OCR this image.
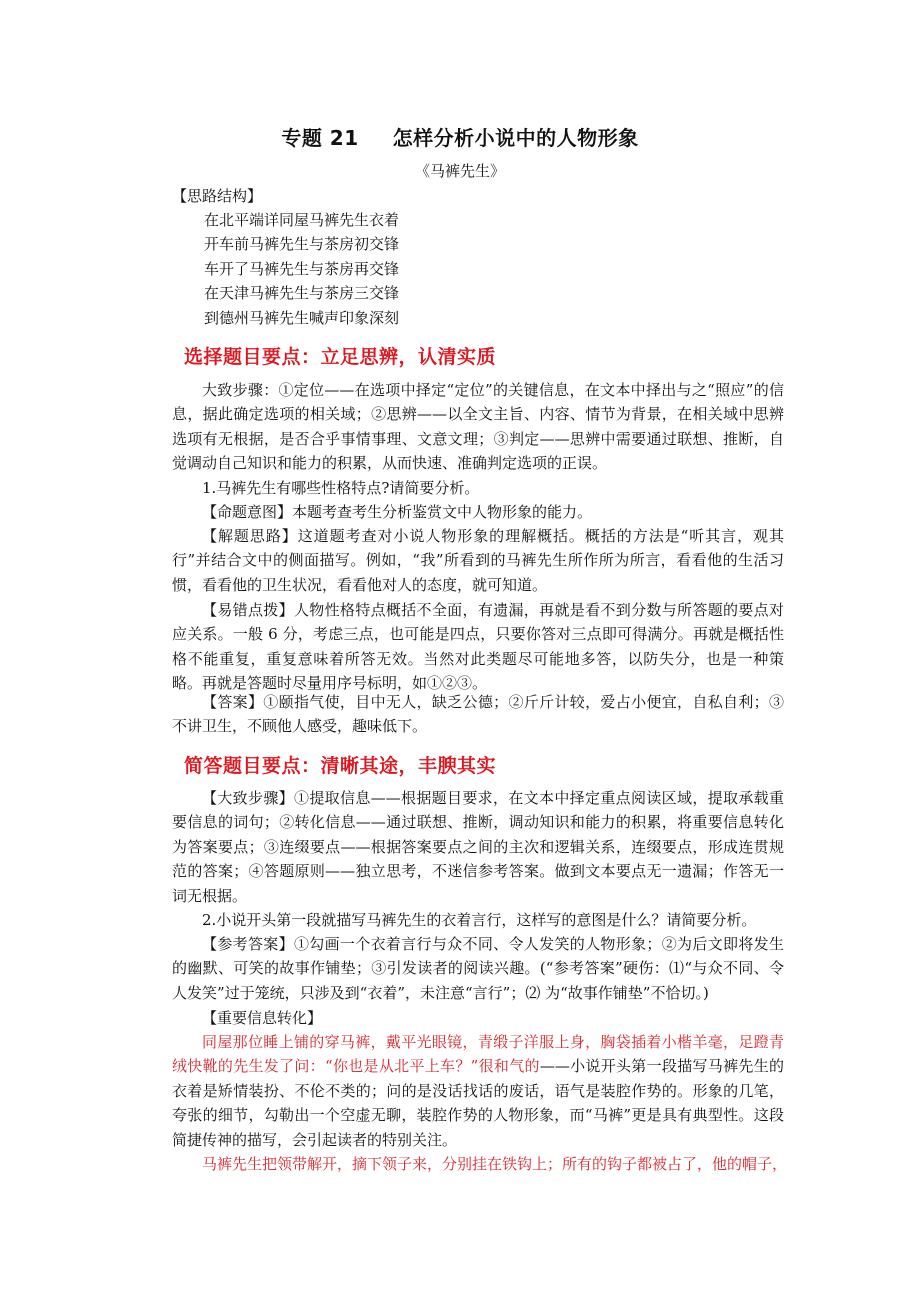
专题 21 怎样分析小说中的人物形象
《马裤先生》
【思路结构】
在北平端详同屋马裤先生衣着
开车前马裤先生与茶房初交锋
车开了马裤先生与茶房再交锋
在天津马裤先生与茶房三交锋
到德州马裤先生喊声印象深刻
选择题目要点：立足思辨，认清实质
大致步骤：①定位——在选项中择定“定位”的关键信息，在文本中择出与之“照应”的信息，据此确定选项的相关域；②思辨——以全文主旨、内容、情节为背景，在相关域中思辨选项有无根据，是否合乎事情事理、文意文理；③判定——思辨中需要通过联想、推断，自觉调动自己知识和能力的积累，从而快速、准确判定选项的正误。
1.马裤先生有哪些性格特点?请简要分析。
【命题意图】本题考查考生分析鉴赏文中人物形象的能力。
【解题思路】这道题考查对小说人物形象的理解概括。概括的方法是“听其言，观其行”并结合文中的侧面描写。例如，“我”所看到的马裤先生所作所为所言，看看他的生活习惯，看看他的卫生状况，看看他对人的态度，就可知道。
【易错点拨】人物性格特点概括不全面，有遗漏，再就是看不到分数与所答题的要点对应关系。一般 6 分，考虑三点，也可能是四点，只要你答对三点即可得满分。再就是概括性格不能重复，重复意味着所答无效。当然对此类题尽可能地多答，以防失分，也是一种策略。再就是答题时尽量用序号标明，如①②③。
【答案】①颐指气使，目中无人，缺乏公德；②斤斤计较，爱占小便宜，自私自利；③不讲卫生，不顾他人感受，趣味低下。
简答题目要点：清晰其途，丰腴其实
【大致步骤】①提取信息——根据题目要求，在文本中择定重点阅读区域，提取承载重要信息的词句；②转化信息——通过联想、推断，调动知识和能力的积累，将重要信息转化为答案要点；③连缀要点——根据答案要点之间的主次和逻辑关系，连缀要点，形成连贯规范的答案；④答题原则——独立思考，不迷信参考答案。做到文本要点无一遗漏；作答无一词无根据。
2.小说开头第一段就描写马裤先生的衣着言行，这样写的意图是什么？请简要分析。
【参考答案】①勾画一个衣着言行与众不同、令人发笑的人物形象；②为后文即将发生的幽默、可笑的故事作铺垫；③引发读者的阅读兴趣。(“参考答案”硬伤：⑴“与众不同、令人发笑”过于笼统，只涉及到“衣着”，未注意“言行”；⑵ 为“故事作铺垫”不恰切。)
【重要信息转化】
同屋那位睡上铺的穿马裤，戴平光眼镜，青缎子洋服上身，胸袋插着小楷羊毫，足蹬青绒快靴的先生发了问：“你也是从北平上车？”很和气的——小说开头第一段描写马裤先生的衣着是矫情装扮、不伦不类的；问的是没话找话的废话，语气是装腔作势的。形象的几笔，夸张的细节，勾勒出一个空虚无聊，装腔作势的人物形象，而“马裤”更是具有典型性。这段简捷传神的描写，会引起读者的特别关注。
马裤先生把领带解开，摘下领子来，分别挂在铁钩上；所有的钩子都被占了，他的帽子，
